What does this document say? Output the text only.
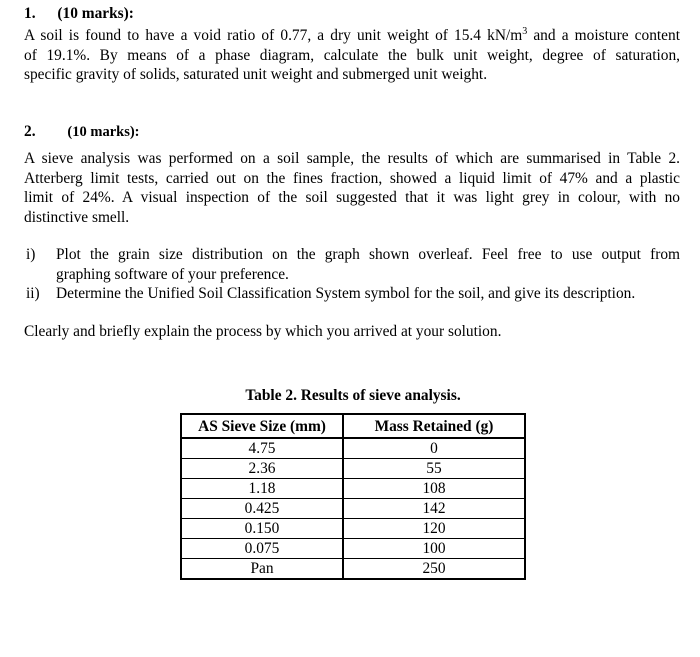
1. (10 marks):
A soil is found to have a void ratio of 0.77, a dry unit weight of 15.4 $kN/m^3$ and a moisture content
of 19.1%. By means of a phase diagram, calculate the bulk unit weight, degree of saturation,
specific gravity of solids, saturated unit weight and submerged unit weight.
2. (10 marks):
A sieve analysis was performed on a soil sample, the results of which are summarised in Table 2.
Atterberg limit tests, carried out on the fines fraction, showed a liquid limit of 47% and a plastic
limit of 24%. A visual inspection of the soil suggested that it was light grey in colour, with no
distinctive smell.
i) Plot the grain size distribution on the graph shown overleaf. Feel free to use output from
graphing software of your preference.
ii) Determine the Unified Soil Classification System symbol for the soil, and give its description.
Clearly and briefly explain the process by which you arrived at your solution.
Table 2. Results of sieve analysis.
AS Sieve Size (mm)	Mass Retained (g)
4.75	0
2.36	55
1.18	108
0.425	142
0.150	120
0.075	100
Pan	250
